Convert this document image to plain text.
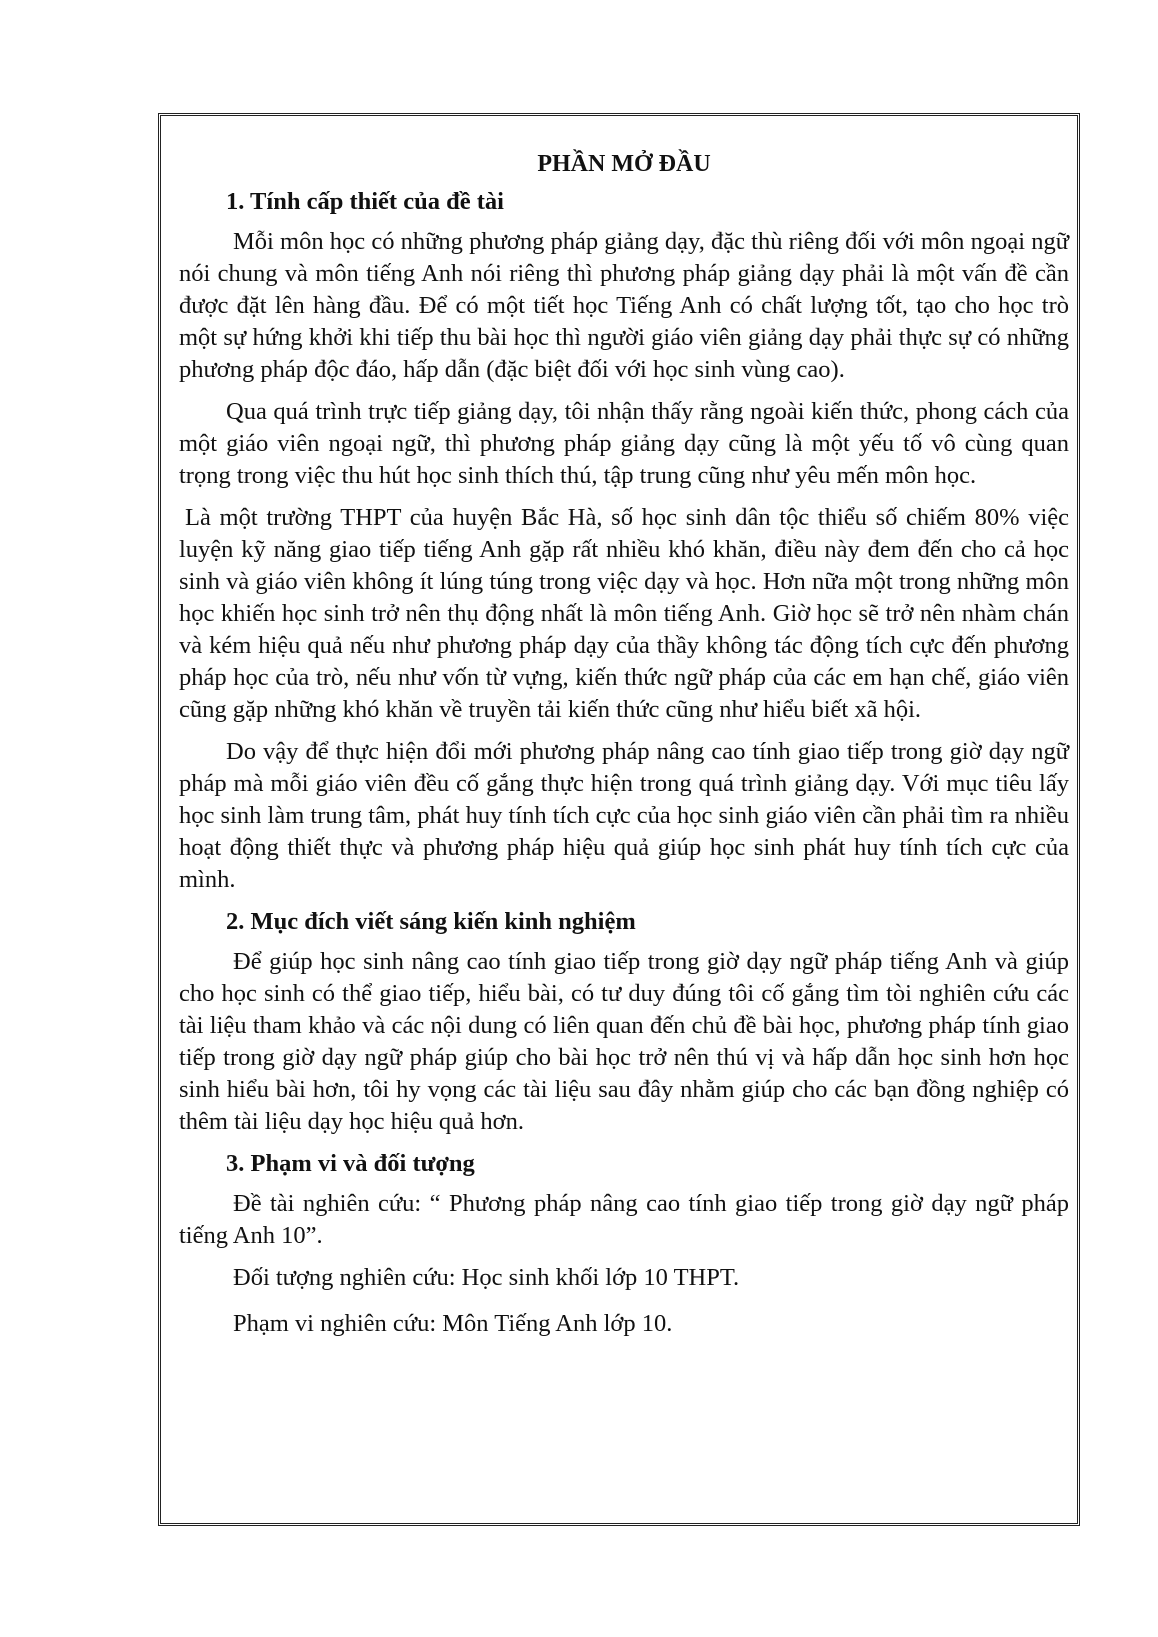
PHẦN MỞ ĐẦU
1. Tính cấp thiết của đề tài

Mỗi môn học có những phương pháp giảng dạy, đặc thù riêng đối với môn ngoại ngữ nói chung và môn tiếng Anh nói riêng thì phương pháp giảng dạy phải là một vấn đề cần được đặt lên hàng đầu. Để có một tiết học Tiếng Anh có chất lượng tốt, tạo cho học trò một sự hứng khởi khi tiếp thu bài học thì người giáo viên giảng dạy phải thực sự có những phương pháp độc đáo, hấp dẫn (đặc biệt đối với học sinh vùng cao).

Qua quá trình trực tiếp giảng dạy, tôi nhận thấy rằng ngoài kiến thức, phong cách của một giáo viên ngoại ngữ, thì phương pháp giảng dạy cũng là một yếu tố vô cùng quan trọng trong việc thu hút học sinh thích thú, tập trung cũng như yêu mến môn học.

Là một trường THPT của huyện Bắc Hà, số học sinh dân tộc thiểu số chiếm 80% việc luyện kỹ năng giao tiếp tiếng Anh gặp rất nhiều khó khăn, điều này đem đến cho cả học sinh và giáo viên không ít lúng túng trong việc dạy và học. Hơn nữa một trong những môn học khiến học sinh trở nên thụ động nhất là môn tiếng Anh. Giờ học sẽ trở nên nhàm chán và kém hiệu quả nếu như phương pháp dạy của thầy không tác động tích cực đến phương pháp học của trò, nếu như vốn từ vựng, kiến thức ngữ pháp của các em hạn chế, giáo viên cũng gặp những khó khăn về truyền tải kiến thức cũng như hiểu biết xã hội.

Do vậy để thực hiện đổi mới phương pháp nâng cao tính giao tiếp trong giờ dạy ngữ pháp mà mỗi giáo viên đều cố gắng thực hiện trong quá trình giảng dạy. Với mục tiêu lấy học sinh làm trung tâm, phát huy tính tích cực của học sinh giáo viên cần phải tìm ra nhiều hoạt động thiết thực và phương pháp hiệu quả giúp học sinh phát huy tính tích cực của mình.

2. Mục đích viết sáng kiến kinh nghiệm

Để giúp học sinh nâng cao tính giao tiếp trong giờ dạy ngữ pháp tiếng Anh và giúp cho học sinh có thể giao tiếp, hiểu bài, có tư duy đúng tôi cố gắng tìm tòi nghiên cứu các tài liệu tham khảo và các nội dung có liên quan đến chủ đề bài học, phương pháp tính giao tiếp trong giờ dạy ngữ pháp giúp cho bài học trở nên thú vị và hấp dẫn học sinh hơn học sinh hiểu bài hơn, tôi hy vọng các tài liệu sau đây nhằm giúp cho các bạn đồng nghiệp có thêm tài liệu dạy học hiệu quả hơn.

3. Phạm vi và đối tượng

Đề tài nghiên cứu: “ Phương pháp nâng cao tính giao tiếp trong giờ dạy ngữ pháp tiếng Anh 10”.

Đối tượng nghiên cứu: Học sinh khối lớp 10 THPT.

Phạm vi nghiên cứu: Môn Tiếng Anh lớp 10.
